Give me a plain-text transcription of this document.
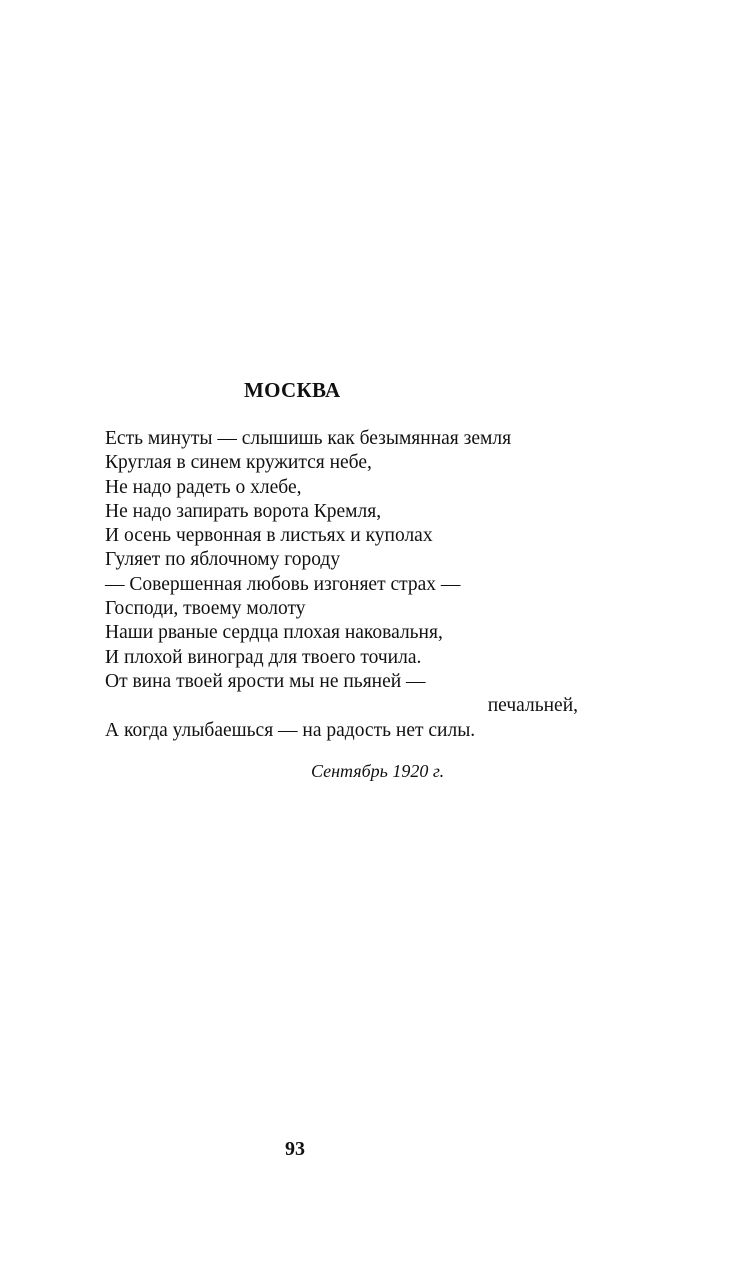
МОСКВА
Есть минуты — слышишь как безымянная земля
Круглая в синем кружится небе,
Не надо радеть о хлебе,
Не надо запирать ворота Кремля,
И осень червонная в листьях и куполах
Гуляет по яблочному городу
— Совершенная любовь изгоняет страх —
Господи, твоему молоту
Наши рваные сердца плохая наковальня,
И плохой виноград для твоего точила.
От вина твоей ярости мы не пьяней —
печальней,
А когда улыбаешься — на радость нет силы.
Сентябрь 1920 г.
93
